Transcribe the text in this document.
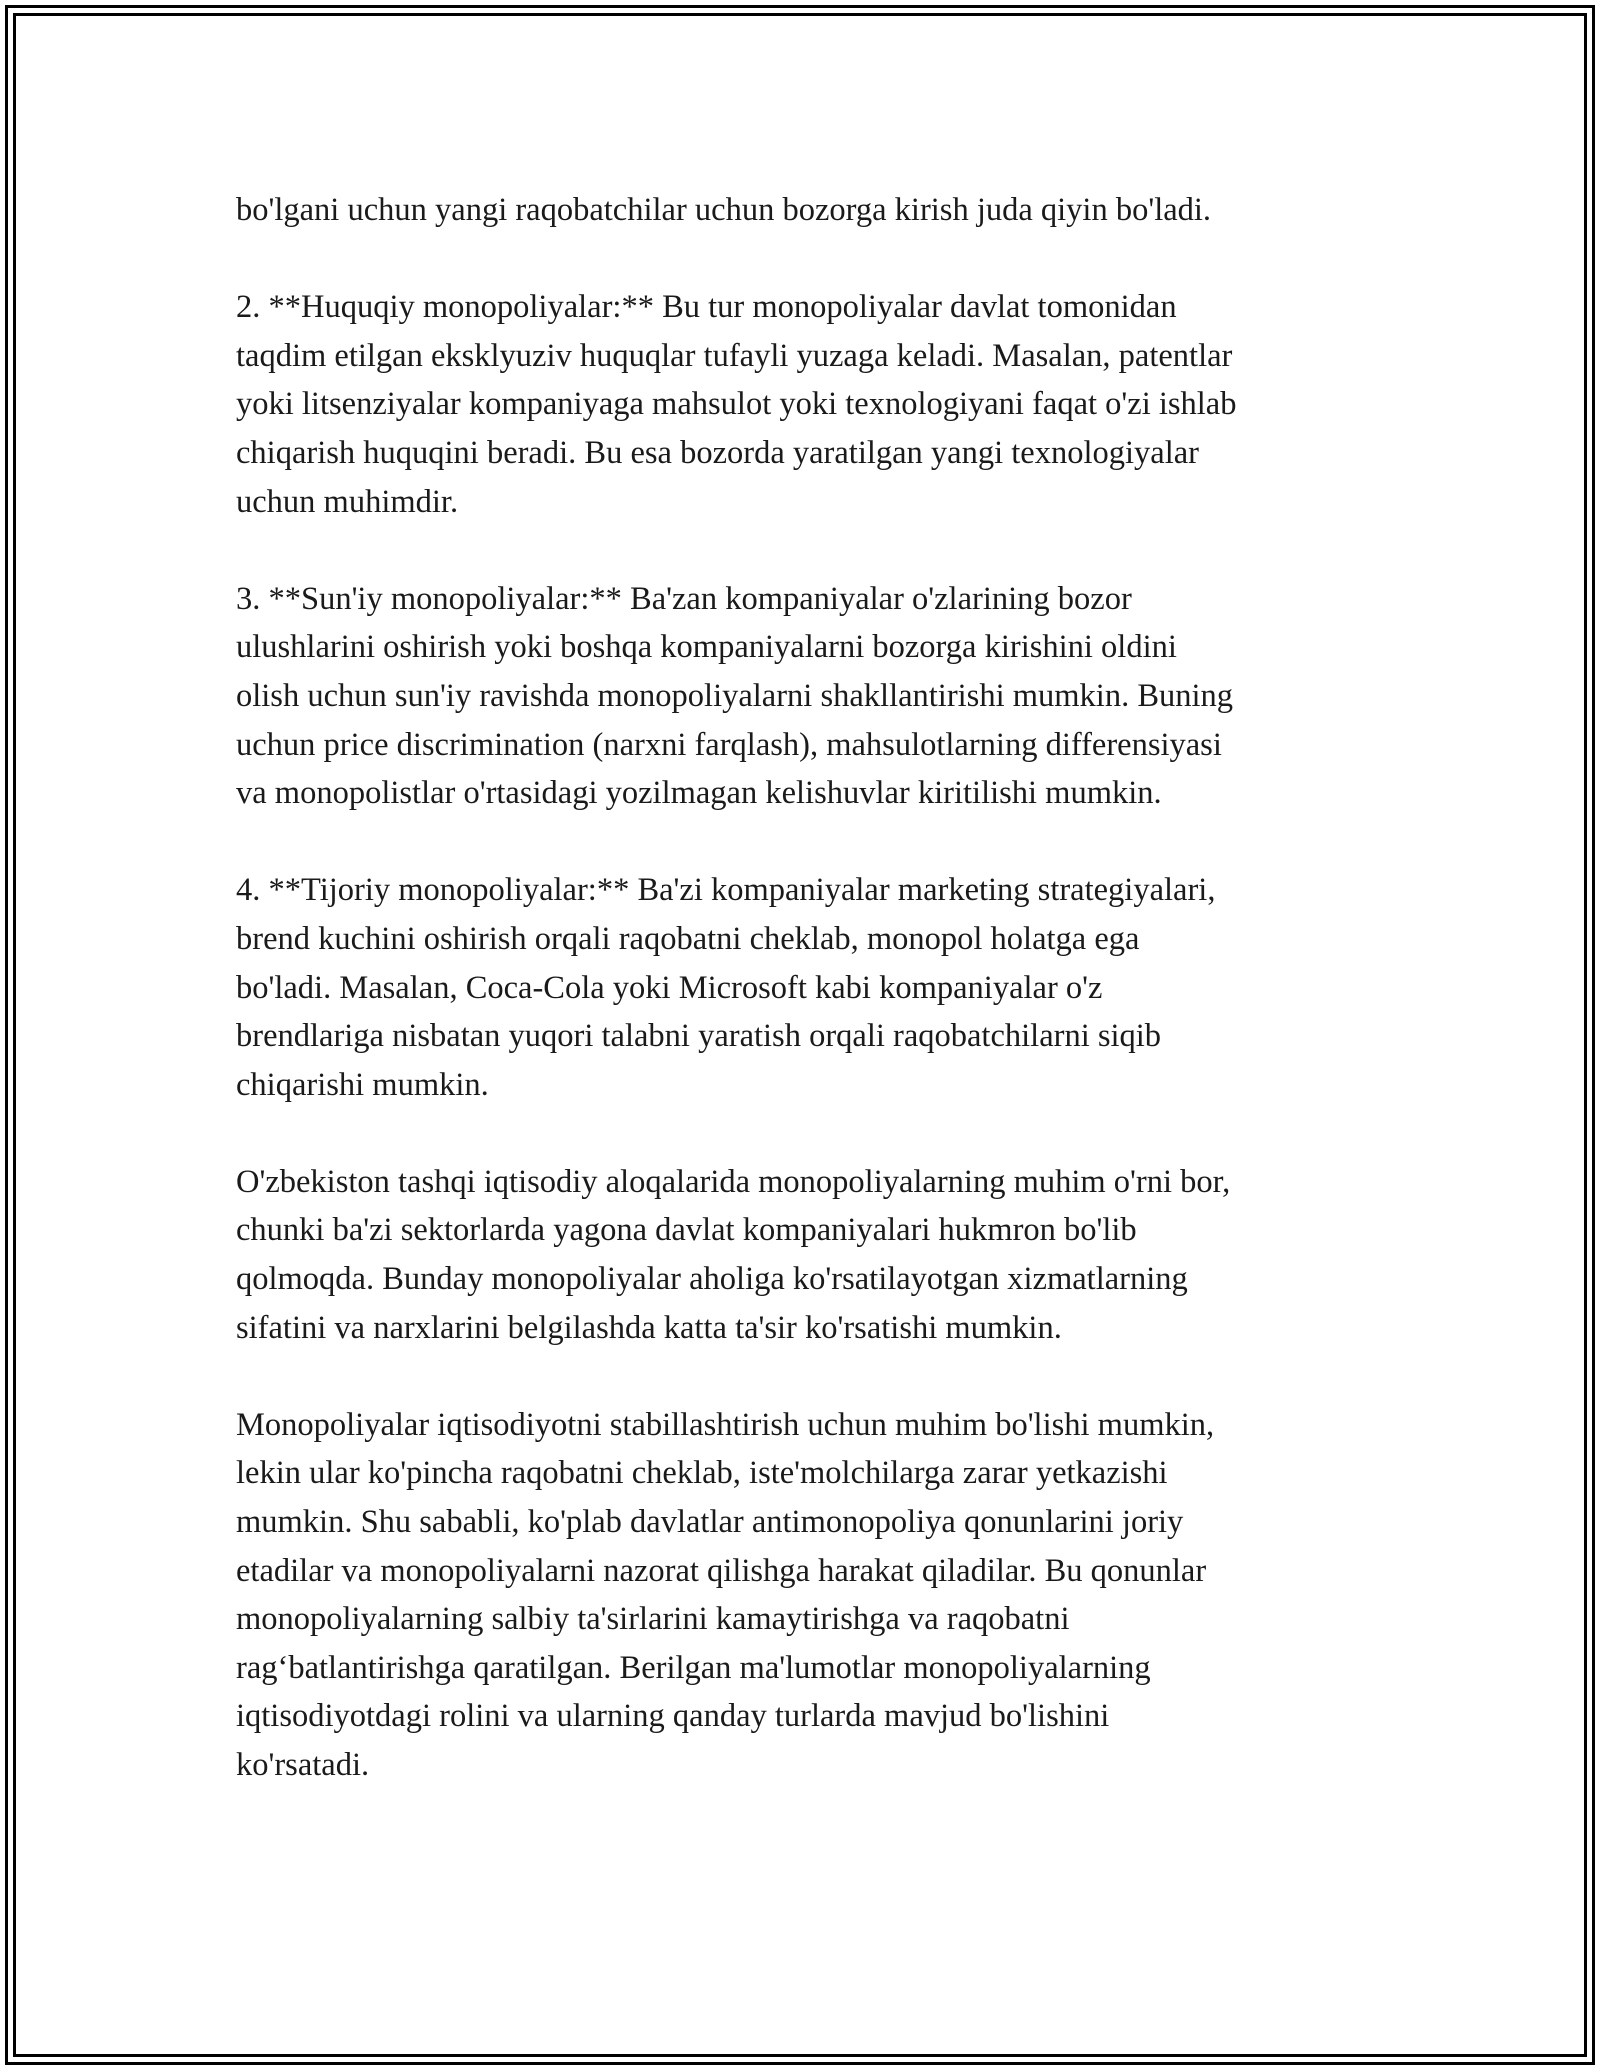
bo'lgani uchun yangi raqobatchilar uchun bozorga kirish juda qiyin bo'ladi.

2. **Huquqiy monopoliyalar:** Bu tur monopoliyalar davlat tomonidan
taqdim etilgan eksklyuziv huquqlar tufayli yuzaga keladi. Masalan, patentlar
yoki litsenziyalar kompaniyaga mahsulot yoki texnologiyani faqat o'zi ishlab
chiqarish huquqini beradi. Bu esa bozorda yaratilgan yangi texnologiyalar
uchun muhimdir.

3. **Sun'iy monopoliyalar:** Ba'zan kompaniyalar o'zlarining bozor
ulushlarini oshirish yoki boshqa kompaniyalarni bozorga kirishini oldini
olish uchun sun'iy ravishda monopoliyalarni shakllantirishi mumkin. Buning
uchun price discrimination (narxni farqlash), mahsulotlarning differensiyasi
va monopolistlar o'rtasidagi yozilmagan kelishuvlar kiritilishi mumkin.

4. **Tijoriy monopoliyalar:** Ba'zi kompaniyalar marketing strategiyalari,
brend kuchini oshirish orqali raqobatni cheklab, monopol holatga ega
bo'ladi. Masalan, Coca-Cola yoki Microsoft kabi kompaniyalar o'z
brendlariga nisbatan yuqori talabni yaratish orqali raqobatchilarni siqib
chiqarishi mumkin.

O'zbekiston tashqi iqtisodiy aloqalarida monopoliyalarning muhim o'rni bor,
chunki ba'zi sektorlarda yagona davlat kompaniyalari hukmron bo'lib
qolmoqda. Bunday monopoliyalar aholiga ko'rsatilayotgan xizmatlarning
sifatini va narxlarini belgilashda katta ta'sir ko'rsatishi mumkin.

Monopoliyalar iqtisodiyotni stabillashtirish uchun muhim bo'lishi mumkin,
lekin ular ko'pincha raqobatni cheklab, iste'molchilarga zarar yetkazishi
mumkin. Shu sababli, ko'plab davlatlar antimonopoliya qonunlarini joriy
etadilar va monopoliyalarni nazorat qilishga harakat qiladilar. Bu qonunlar
monopoliyalarning salbiy ta'sirlarini kamaytirishga va raqobatni
rag‘batlantirishga qaratilgan. Berilgan ma'lumotlar monopoliyalarning
iqtisodiyotdagi rolini va ularning qanday turlarda mavjud bo'lishini
ko'rsatadi.
